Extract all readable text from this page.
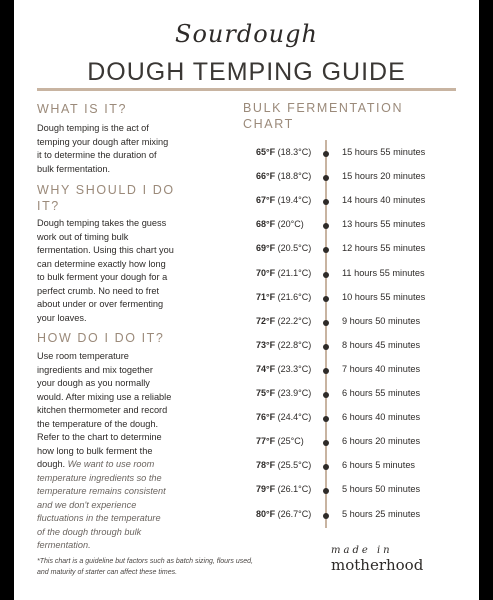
Sourdough
DOUGH TEMPING GUIDE
WHAT IS IT?
Dough temping is the act of
temping your dough after mixing
it to determine the duration of
bulk fermentation.
WHY SHOULD I DO
IT?
Dough temping takes the guess
work out of timing bulk
fermentation. Using this chart you
can determine exactly how long
to bulk ferment your dough for a
perfect crumb. No need to fret
about under or over fermenting
your loaves.
HOW DO I DO IT?
Use room temperature
ingredients and mix together
your dough as you normally
would. After mixing use a reliable
kitchen thermometer and record
the temperature of the dough.
Refer to the chart to determine
how long to bulk ferment the
dough. We want to use room
temperature ingredients so the
temperature remains consistent
and we don't experience
fluctuations in the temperature
of the dough through bulk
fermentation.
BULK FERMENTATION
CHART
65°F (18.3°C)	15 hours 55 minutes
66°F (18.8°C)	15 hours 20 minutes
67°F (19.4°C)	14 hours 40 minutes
68°F (20°C)	13 hours 55 minutes
69°F (20.5°C)	12 hours 55 minutes
70°F (21.1°C)	11 hours 55 minutes
71°F (21.6°C)	10 hours 55 minutes
72°F (22.2°C)	9 hours 50 minutes
73°F (22.8°C)	8 hours 45 minutes
74°F (23.3°C)	7 hours 40 minutes
75°F (23.9°C)	6 hours 55 minutes
76°F (24.4°C)	6 hours 40 minutes
77°F (25°C)	6 hours 20 minutes
78°F (25.5°C)	6 hours 5 minutes
79°F (26.1°C)	5 hours 50 minutes
80°F (26.7°C)	5 hours 25 minutes
*This chart is a guideline but factors such as batch sizing, flours used,
and maturity of starter can affect these times.
made in
motherhood
